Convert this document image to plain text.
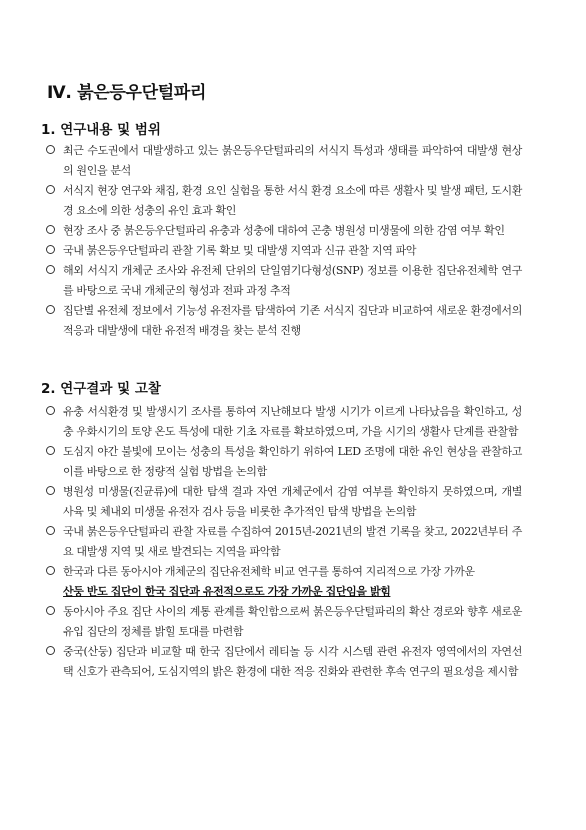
Ⅳ. 붉은등우단털파리
1. 연구내용 및 범위
최근 수도권에서 대발생하고 있는 붉은등우단털파리의 서식지 특성과 생태를 파악하여 대발생 현상의 원인을 분석
서식지 현장 연구와 채집, 환경 요인 실험을 통한 서식 환경 요소에 따른 생활사 및 발생 패턴, 도시환경 요소에 의한 성충의 유인 효과 확인
현장 조사 중 붉은등우단털파리 유충과 성충에 대하여 곤충 병원성 미생물에 의한 감염 여부 확인
국내 붉은등우단털파리 관찰 기록 확보 및 대발생 지역과 신규 관찰 지역 파악
해외 서식지 개체군 조사와 유전체 단위의 단일염기다형성(SNP) 정보를 이용한 집단유전체학 연구를 바탕으로 국내 개체군의 형성과 전파 과정 추적
집단별 유전체 정보에서 기능성 유전자를 탐색하여 기존 서식지 집단과 비교하여 새로운 환경에서의 적응과 대발생에 대한 유전적 배경을 찾는 분석 진행
2. 연구결과 및 고찰
유충 서식환경 및 발생시기 조사를 통하여 지난해보다 발생 시기가 이르게 나타났음을 확인하고, 성충 우화시기의 토양 온도 특성에 대한 기초 자료를 확보하였으며, 가을 시기의 생활사 단계를 관찰함
도심지 야간 불빛에 모이는 성충의 특성을 확인하기 위하여 LED 조명에 대한 유인 현상을 관찰하고 이를 바탕으로 한 정량적 실험 방법을 논의함
병원성 미생물(진균류)에 대한 탐색 결과 자연 개체군에서 감염 여부를 확인하지 못하였으며, 개별 사육 및 체내외 미생물 유전자 검사 등을 비롯한 추가적인 탐색 방법을 논의함
국내 붉은등우단털파리 관찰 자료를 수집하여 2015년-2021년의 발견 기록을 찾고, 2022년부터 주요 대발생 지역 및 새로 발견되는 지역을 파악함
한국과 다른 동아시아 개체군의 집단유전체학 비교 연구를 통하여 지리적으로 가장 가까운
산둥 반도 집단이 한국 집단과 유전적으로도 가장 가까운 집단임을 밝힘
동아시아 주요 집단 사이의 계통 관계를 확인함으로써 붉은등우단털파리의 확산 경로와 향후 새로운 유입 집단의 정체를 밝힐 토대를 마련함
중국(산둥) 집단과 비교할 때 한국 집단에서 레티놀 등 시각 시스템 관련 유전자 영역에서의 자연선택 신호가 관측되어, 도심지역의 밝은 환경에 대한 적응 진화와 관련한 후속 연구의 필요성을 제시함
